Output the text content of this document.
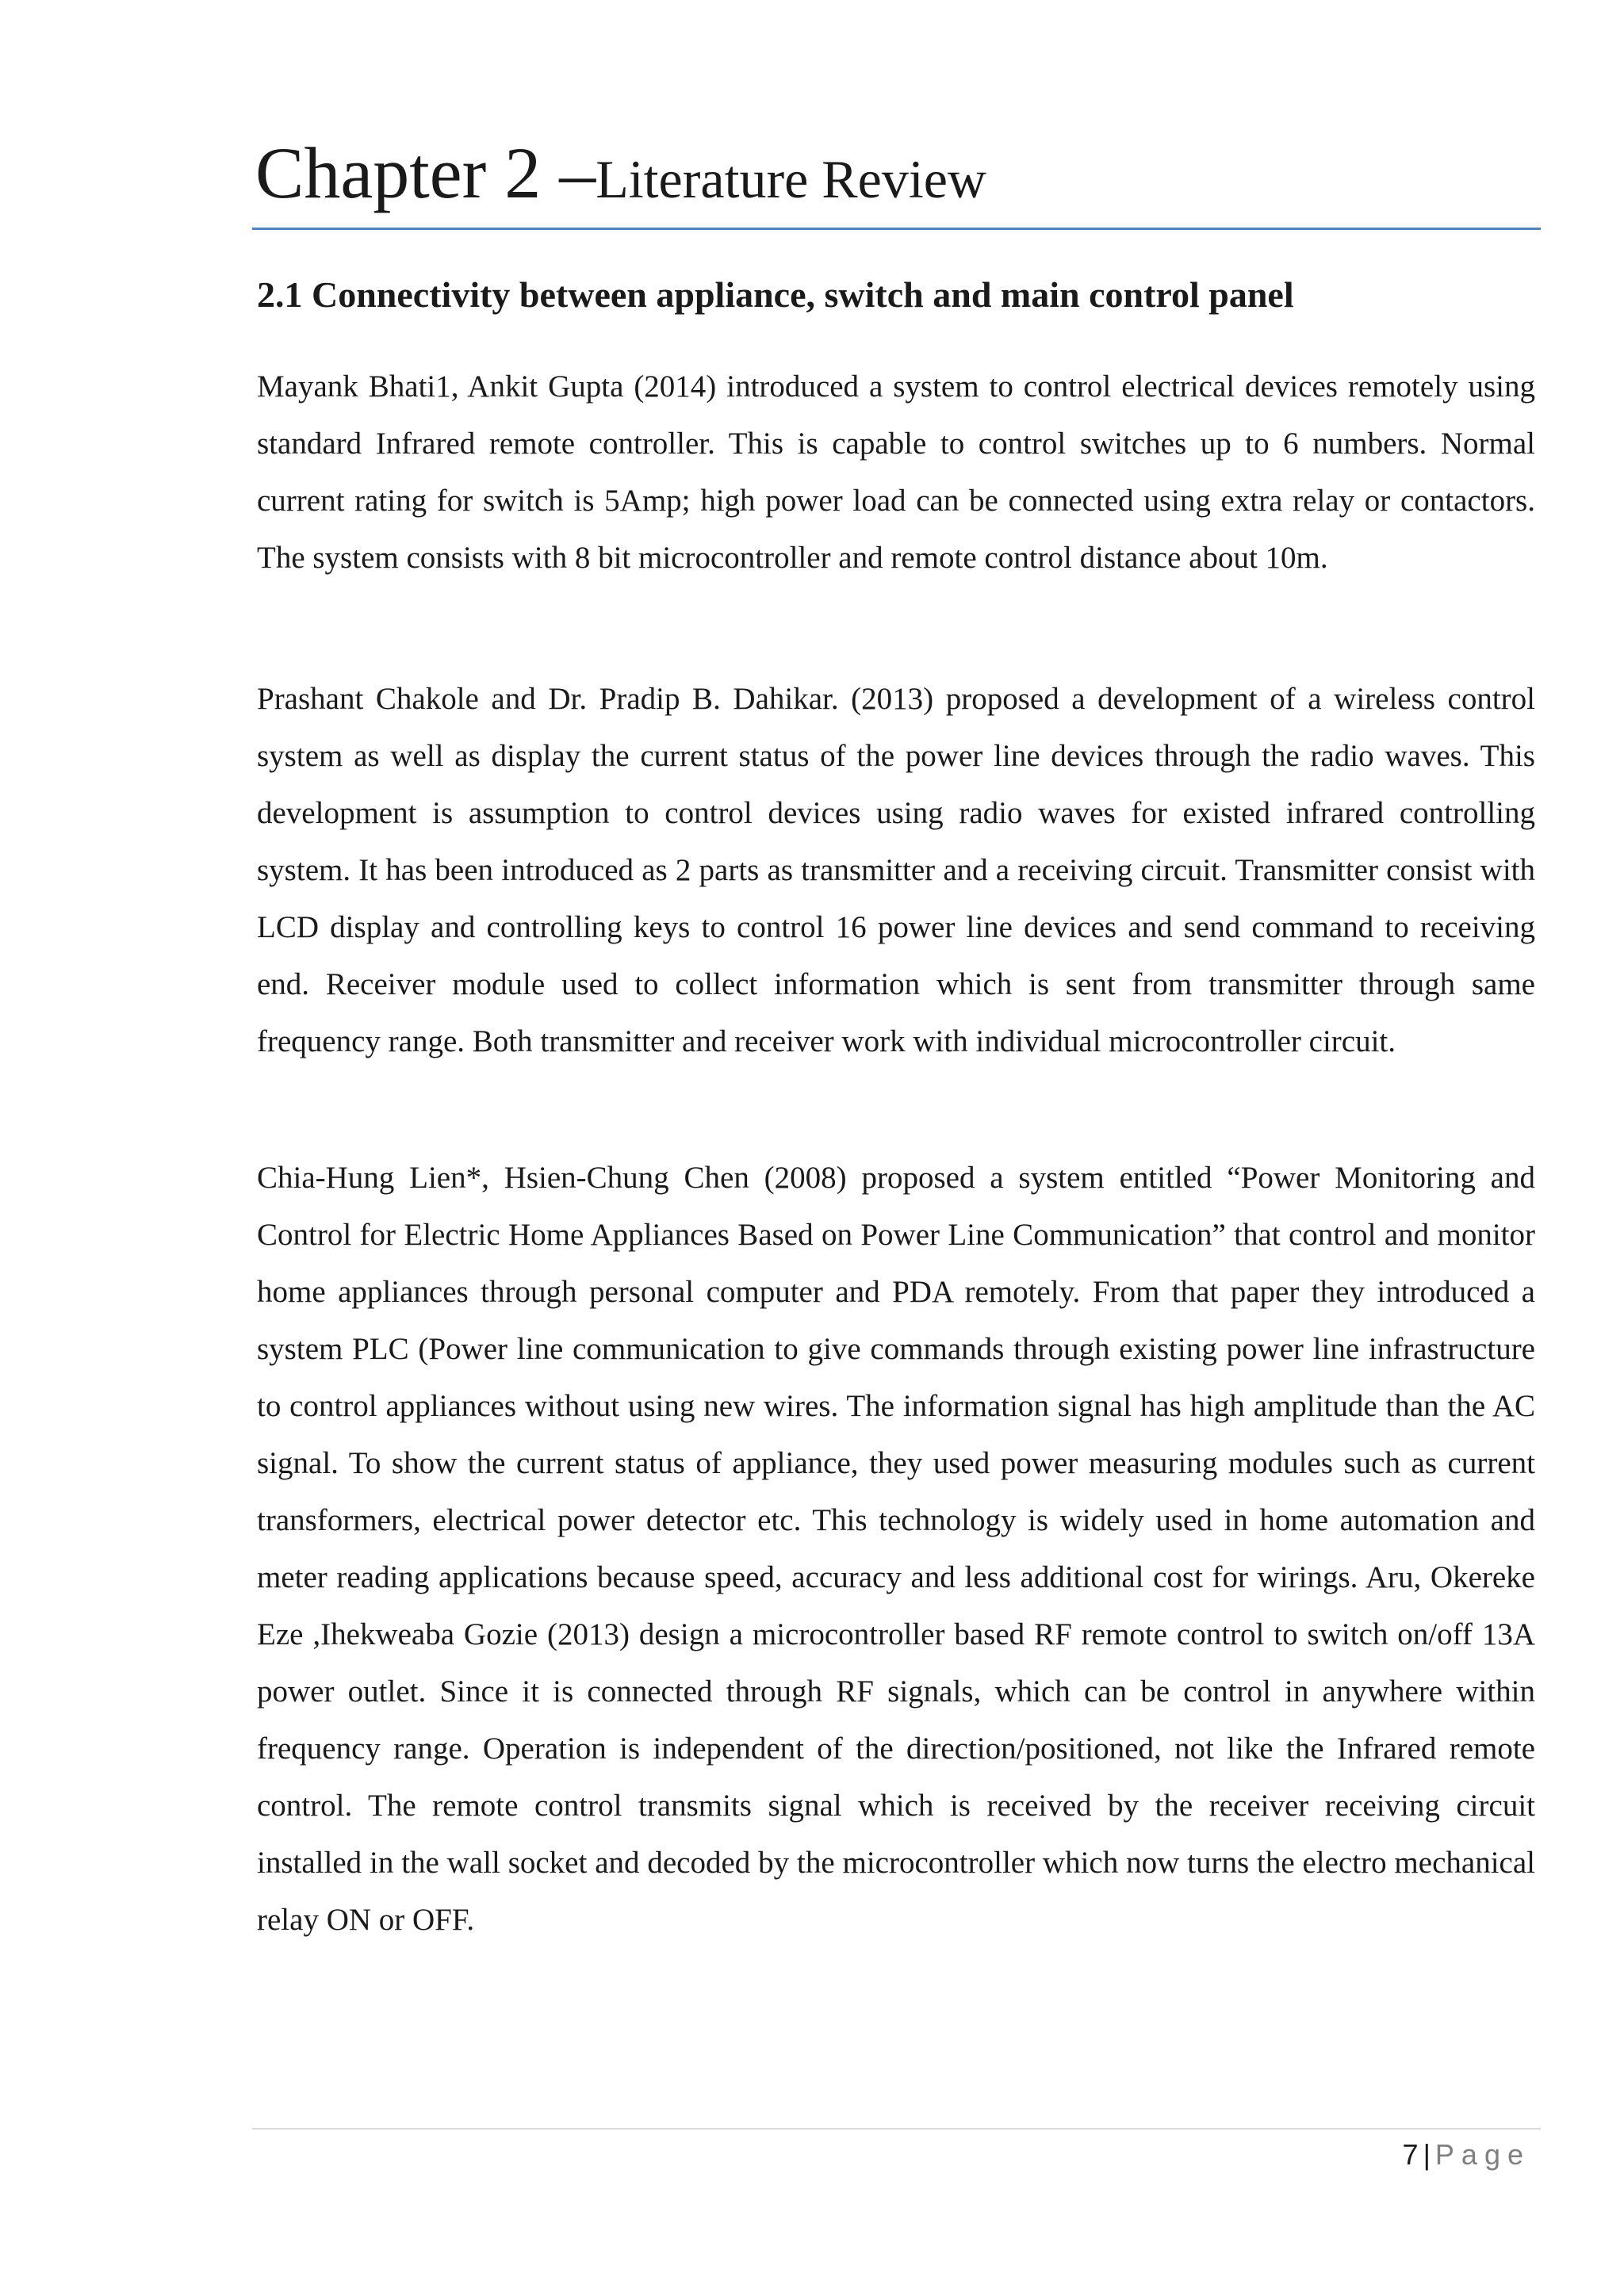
Chapter 2 –Literature Review
2.1 Connectivity between appliance, switch and main control panel

Mayank Bhati1, Ankit Gupta (2014) introduced a system to control electrical devices remotely using standard Infrared remote controller. This is capable to control switches up to 6 numbers. Normal current rating for switch is 5Amp; high power load can be connected using extra relay or contactors. The system consists with 8 bit microcontroller and remote control distance about 10m.

Prashant Chakole and Dr. Pradip B. Dahikar. (2013) proposed a development of a wireless control system as well as display the current status of the power line devices through the radio waves. This development is assumption to control devices using radio waves for existed infrared controlling system. It has been introduced as 2 parts as transmitter and a receiving circuit. Transmitter consist with LCD display and controlling keys to control 16 power line devices and send command to receiving end. Receiver module used to collect information which is sent from transmitter through same frequency range. Both transmitter and receiver work with individual microcontroller circuit.

Chia-Hung Lien*, Hsien-Chung Chen (2008) proposed a system entitled “Power Monitoring and Control for Electric Home Appliances Based on Power Line Communication” that control and monitor home appliances through personal computer and PDA remotely. From that paper they introduced a system PLC (Power line communication to give commands through existing power line infrastructure to control appliances without using new wires. The information signal has high amplitude than the AC signal. To show the current status of appliance, they used power measuring modules such as current transformers, electrical power detector etc. This technology is widely used in home automation and meter reading applications because speed, accuracy and less additional cost for wirings. Aru, Okereke Eze ,Ihekweaba Gozie (2013) design a microcontroller based RF remote control to switch on/off 13A power outlet. Since it is connected through RF signals, which can be control in anywhere within frequency range. Operation is independent of the direction/positioned, not like the Infrared remote control. The remote control transmits signal which is received by the receiver receiving circuit installed in the wall socket and decoded by the microcontroller which now turns the electro mechanical relay ON or OFF.

7 | Page
